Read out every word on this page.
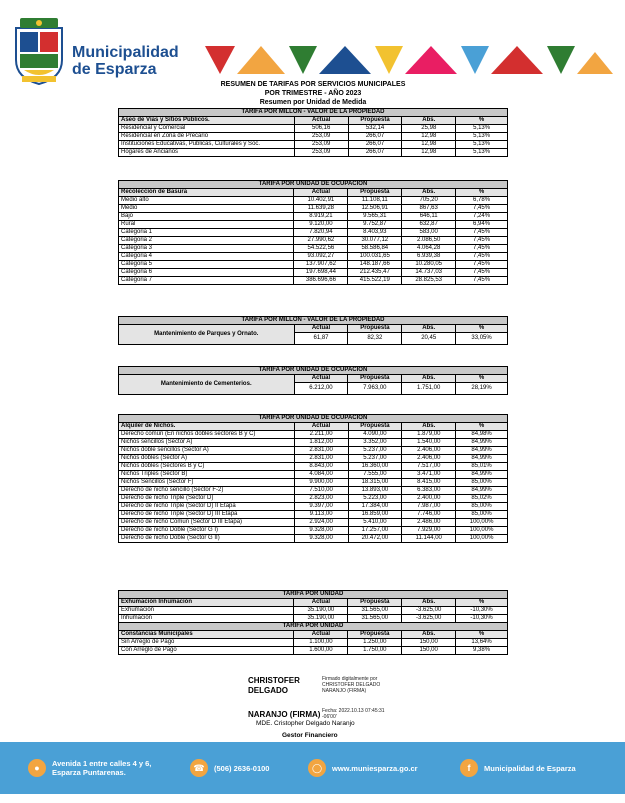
Municipalidad
de Esparza
RESUMEN DE TARIFAS POR SERVICIOS MUNICIPALES
POR TRIMESTRE - AÑO 2023
Resumen por Unidad de Medida
TARIFA POR MILLON - VALOR DE LA PROPIEDAD				
Aseo de Vías y Sitios Públicos.	Actual	Propuesta	Abs.	%
Residencial y Comercial	506,16	532,14	25,98	5,13%
Residencial en Zona de Precario	253,09	266,07	12,98	5,13%
Instituciones Educativas, Publicas, Culturales y Soc.	253,09	266,07	12,98	5,13%
Hogares de Ancianos	253,09	266,07	12,98	5,13%
TARIFA POR UNIDAD DE OCUPACION				
Recolección de Basura	Actual	Propuesta	Abs.	%
Medio alto	10.402,91	11.108,11	705,20	6,78%
Medio	11.639,28	12.506,91	867,63	7,45%
Bajo	8.919,21	9.565,31	646,11	7,24%
Rural	9.120,00	9.752,87	632,87	6,94%
Categoria 1	7.820,94	8.403,93	583,00	7,45%
Categoria 2	27.990,62	30.077,12	2.086,50	7,45%
Categoria 3	54.522,56	58.586,84	4.064,28	7,45%
Categoria 4	93.092,27	100.031,65	6.939,38	7,45%
Categoria 5	137.907,62	148.187,66	10.280,05	7,45%
Categoria 6	197.698,44	212.435,47	14.737,03	7,45%
Categoria 7	386.696,66	415.522,19	28.825,53	7,45%
TARIFA POR MILLON - VALOR DE LA PROPIEDAD				
Mantenimiento de Parques y Ornato.	Actual	Propuesta	Abs.	%
	61,87	82,32	20,45	33,05%
TARIFA POR UNIDAD DE OCUPACION				
Mantenimiento de Cementerios.	Actual	Propuesta	Abs.	%
	6.212,00	7.963,00	1.751,00	28,19%
TARIFA POR UNIDAD DE OCUPACION				
Alquiler de Nichos.	Actual	Propuesta	Abs.	%
Derecho común (En nichos dobles sectores B y C)	2.211,00	4.090,00	1.879,00	84,98%
Nichos sencillos (Sector A)	1.812,00	3.352,00	1.540,00	84,99%
Nichos doble sencillos (Sector A)	2.831,00	5.237,00	2.406,00	84,99%
Nichos dobles (Sector A)	2.831,00	5.237,00	2.406,00	84,99%
Nichos dobles (Sectores B y C)	8.843,00	16.360,00	7.517,00	85,01%
Nichos Triples (Sector B)	4.084,00	7.555,00	3.471,00	84,99%
Nichos Sencillos (Sector F)	9.900,00	18.315,00	8.415,00	85,00%
Derecho de nicho sencillo (Sector F-2)	7.510,00	13.893,00	6.383,00	84,99%
Derecho de nicho Triple (Sector D)	2.823,00	5.223,00	2.400,00	85,02%
Derecho de nicho Triple (Sector D) II Etapa	9.397,00	17.384,00	7.987,00	85,00%
Derecho de nicho Triple (Sector D) III Etapa	9.113,00	16.859,00	7.746,00	85,00%
Derecho de nicho Comun (Sector D III Etapa)	2.924,00	5.410,00	2.486,00	100,00%
Derecho de nicho Doble (Sector G I)	9.328,00	17.257,00	7.929,00	100,00%
Derecho de nicho Doble (Sector G II)	9.328,00	20.472,00	11.144,00	100,00%
TARIFA POR UNIDAD				
Exhumación Inhumación	Actual	Propuesta	Abs.	%
Exhumación	35.190,00	31.565,00	-3.625,00	-10,30%
Inhumación	35.190,00	31.565,00	-3.625,00	-10,30%
TARIFA POR UNIDAD				
Constancias Municipales	Actual	Propuesta	Abs.	%
Sin Arreglo de Pago	1.100,00	1.250,00	150,00	13,64%
Con Arreglo de Pago	1.600,00	1.750,00	150,00	9,38%
CHRISTOFER
DELGADO
Firmado digitalmente por
CHRISTOFER DELGADO
NARANJO (FIRMA)
NARANJO (FIRMA) Fecha: 2022.10.13 07:45:31
-06'00'
MDE. Cristopher Delgado Naranjo
Gestor Financiero
●	Avenida 1 entre calles 4 y 6,
Esparza Puntarenas.	☎	(506) 2636-0100	◯	www.muniesparza.go.cr	f	Municipalidad de Esparza
